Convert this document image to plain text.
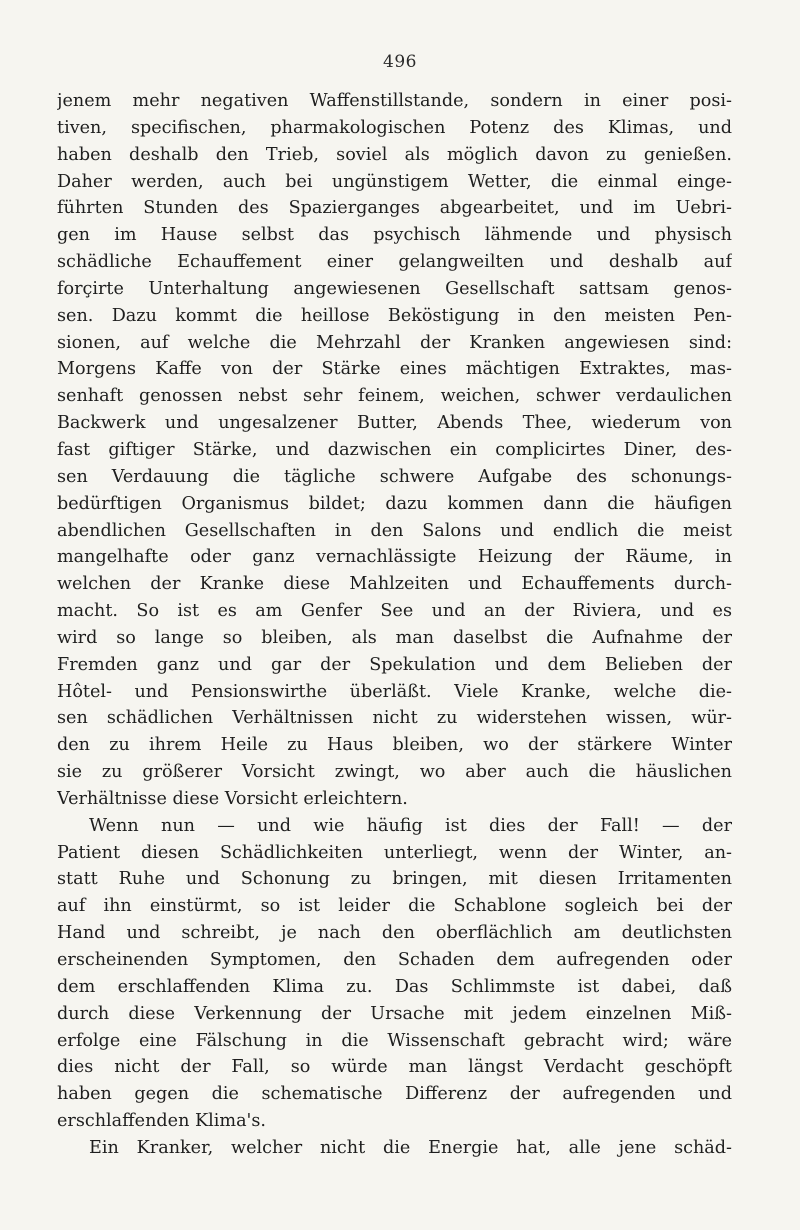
496
jenem mehr negativen Waffenstillstande, sondern in einer posi-
tiven, specifischen, pharmakologischen Potenz des Klimas, und
haben deshalb den Trieb, soviel als möglich davon zu genießen.
Daher werden, auch bei ungünstigem Wetter, die einmal einge-
führten Stunden des Spazierganges abgearbeitet, und im Uebri-
gen im Hause selbst das psychisch lähmende und physisch
schädliche Echauffement einer gelangweilten und deshalb auf
forçirte Unterhaltung angewiesenen Gesellschaft sattsam genos-
sen. Dazu kommt die heillose Beköstigung in den meisten Pen-
sionen, auf welche die Mehrzahl der Kranken angewiesen sind:
Morgens Kaffe von der Stärke eines mächtigen Extraktes, mas-
senhaft genossen nebst sehr feinem, weichen, schwer verdaulichen
Backwerk und ungesalzener Butter, Abends Thee, wiederum von
fast giftiger Stärke, und dazwischen ein complicirtes Diner, des-
sen Verdauung die tägliche schwere Aufgabe des schonungs-
bedürftigen Organismus bildet; dazu kommen dann die häufigen
abendlichen Gesellschaften in den Salons und endlich die meist
mangelhafte oder ganz vernachlässigte Heizung der Räume, in
welchen der Kranke diese Mahlzeiten und Echauffements durch-
macht. So ist es am Genfer See und an der Riviera, und es
wird so lange so bleiben, als man daselbst die Aufnahme der
Fremden ganz und gar der Spekulation und dem Belieben der
Hôtel- und Pensionswirthe überläßt. Viele Kranke, welche die-
sen schädlichen Verhältnissen nicht zu widerstehen wissen, wür-
den zu ihrem Heile zu Haus bleiben, wo der stärkere Winter
sie zu größerer Vorsicht zwingt, wo aber auch die häuslichen
Verhältnisse diese Vorsicht erleichtern.
Wenn nun — und wie häufig ist dies der Fall! — der
Patient diesen Schädlichkeiten unterliegt, wenn der Winter, an-
statt Ruhe und Schonung zu bringen, mit diesen Irritamenten
auf ihn einstürmt, so ist leider die Schablone sogleich bei der
Hand und schreibt, je nach den oberflächlich am deutlichsten
erscheinenden Symptomen, den Schaden dem aufregenden oder
dem erschlaffenden Klima zu. Das Schlimmste ist dabei, daß
durch diese Verkennung der Ursache mit jedem einzelnen Miß-
erfolge eine Fälschung in die Wissenschaft gebracht wird; wäre
dies nicht der Fall, so würde man längst Verdacht geschöpft
haben gegen die schematische Differenz der aufregenden und
erschlaffenden Klima's.
Ein Kranker, welcher nicht die Energie hat, alle jene schäd-
